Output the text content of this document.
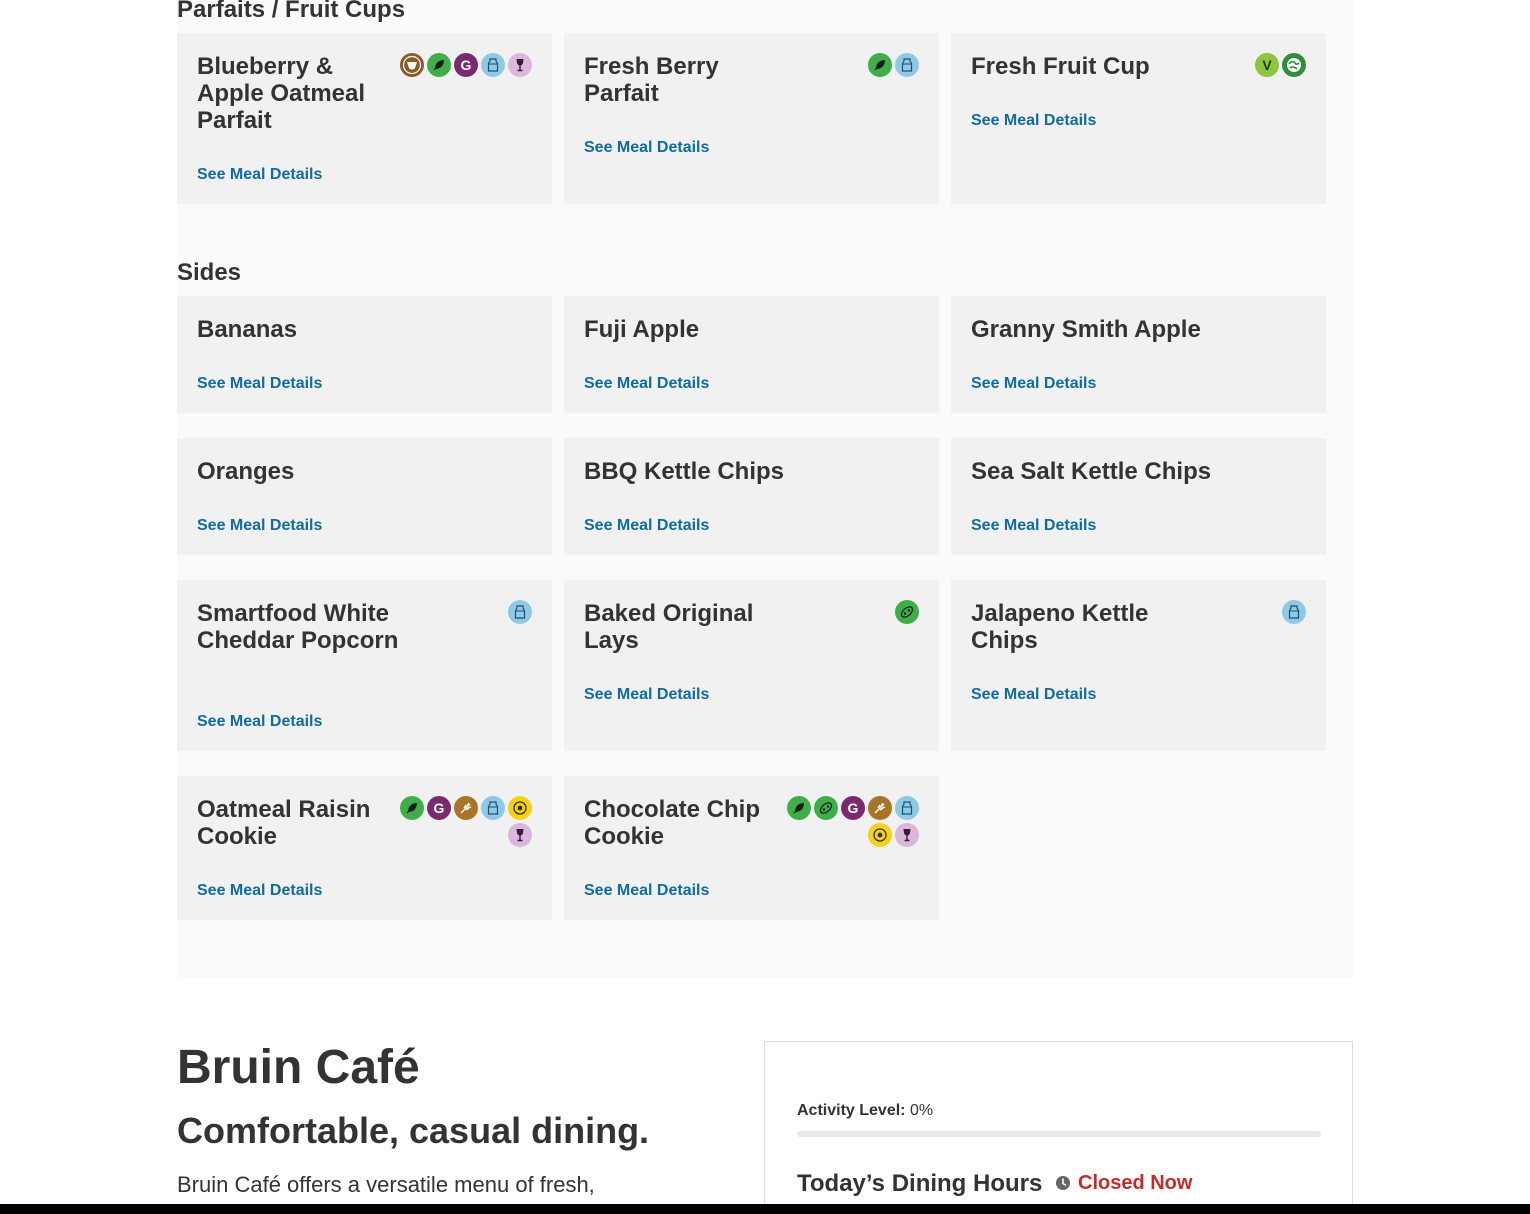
Parfaits / Fruit Cups
Blueberry & Apple Oatmeal Parfait
See Meal Details
G	Fresh Berry Parfait
See Meal Details
Fresh Fruit Cup
See Meal Details
V
Bananas
See Meal Details
Fuji Apple
See Meal Details
Granny Smith Apple
See Meal Details
Oranges
See Meal Details
BBQ Kettle Chips
See Meal Details
Sea Salt Kettle Chips
See Meal Details
Smartfood White Cheddar Popcorn
See Meal Details
Baked Original Lays
See Meal Details
Jalapeno Kettle Chips
See Meal Details
Oatmeal Raisin Cookie
See Meal Details
G	Chocolate Chip Cookie
See Meal Details
G
Sides
Bruin Café
Comfortable, casual dining.
Bruin Café offers a versatile menu of fresh,
Activity Level: 0%
Today’s Dining Hours Closed Now
